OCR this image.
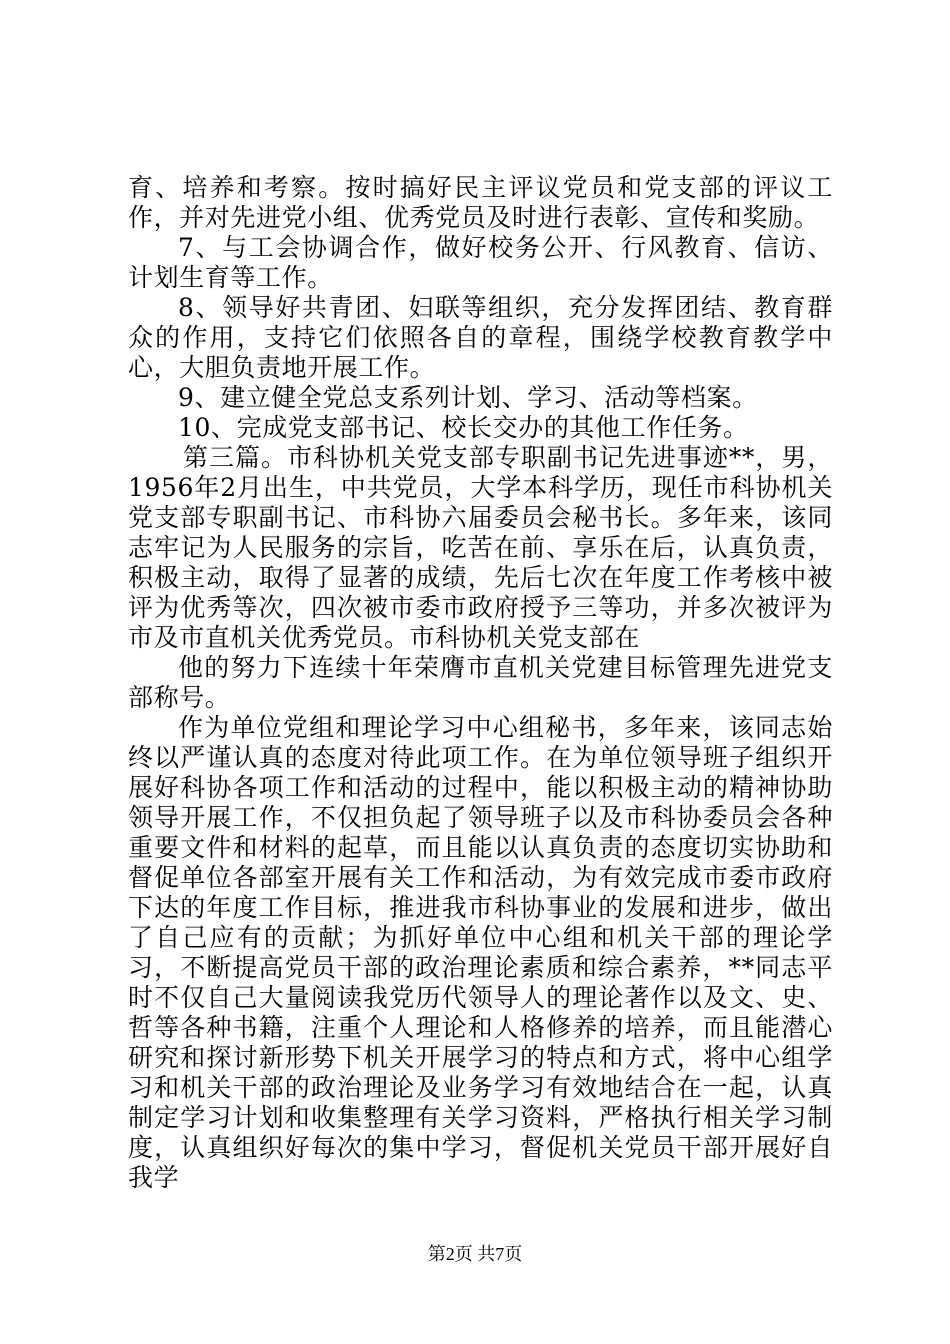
育、培养和考察。按时搞好民主评议党员和党支部的评议工作，并对先进党小组、优秀党员及时进行表彰、宣传和奖励。

7、与工会协调合作，做好校务公开、行风教育、信访、计划生育等工作。

8、领导好共青团、妇联等组织，充分发挥团结、教育群众的作用，支持它们依照各自的章程，围绕学校教育教学中心，大胆负责地开展工作。

9、建立健全党总支系列计划、学习、活动等档案。

10、完成党支部书记、校长交办的其他工作任务。

第三篇。市科协机关党支部专职副书记先进事迹**，男，1956年2月出生，中共党员，大学本科学历，现任市科协机关党支部专职副书记、市科协六届委员会秘书长。多年来，该同志牢记为人民服务的宗旨，吃苦在前、享乐在后，认真负责，积极主动，取得了显著的成绩，先后七次在年度工作考核中被评为优秀等次，四次被市委市政府授予三等功，并多次被评为市及市直机关优秀党员。市科协机关党支部在

他的努力下连续十年荣膺市直机关党建目标管理先进党支部称号。

作为单位党组和理论学习中心组秘书，多年来，该同志始终以严谨认真的态度对待此项工作。在为单位领导班子组织开展好科协各项工作和活动的过程中，能以积极主动的精神协助领导开展工作，不仅担负起了领导班子以及市科协委员会各种重要文件和材料的起草，而且能以认真负责的态度切实协助和督促单位各部室开展有关工作和活动，为有效完成市委市政府下达的年度工作目标，推进我市科协事业的发展和进步，做出了自己应有的贡献；为抓好单位中心组和机关干部的理论学习，不断提高党员干部的政治理论素质和综合素养，**同志平时不仅自己大量阅读我党历代领导人的理论著作以及文、史、哲等各种书籍，注重个人理论和人格修养的培养，而且能潜心研究和探讨新形势下机关开展学习的特点和方式，将中心组学习和机关干部的政治理论及业务学习有效地结合在一起，认真制定学习计划和收集整理有关学习资料，严格执行相关学习制度，认真组织好每次的集中学习，督促机关党员干部开展好自我学

第2页 共7页
